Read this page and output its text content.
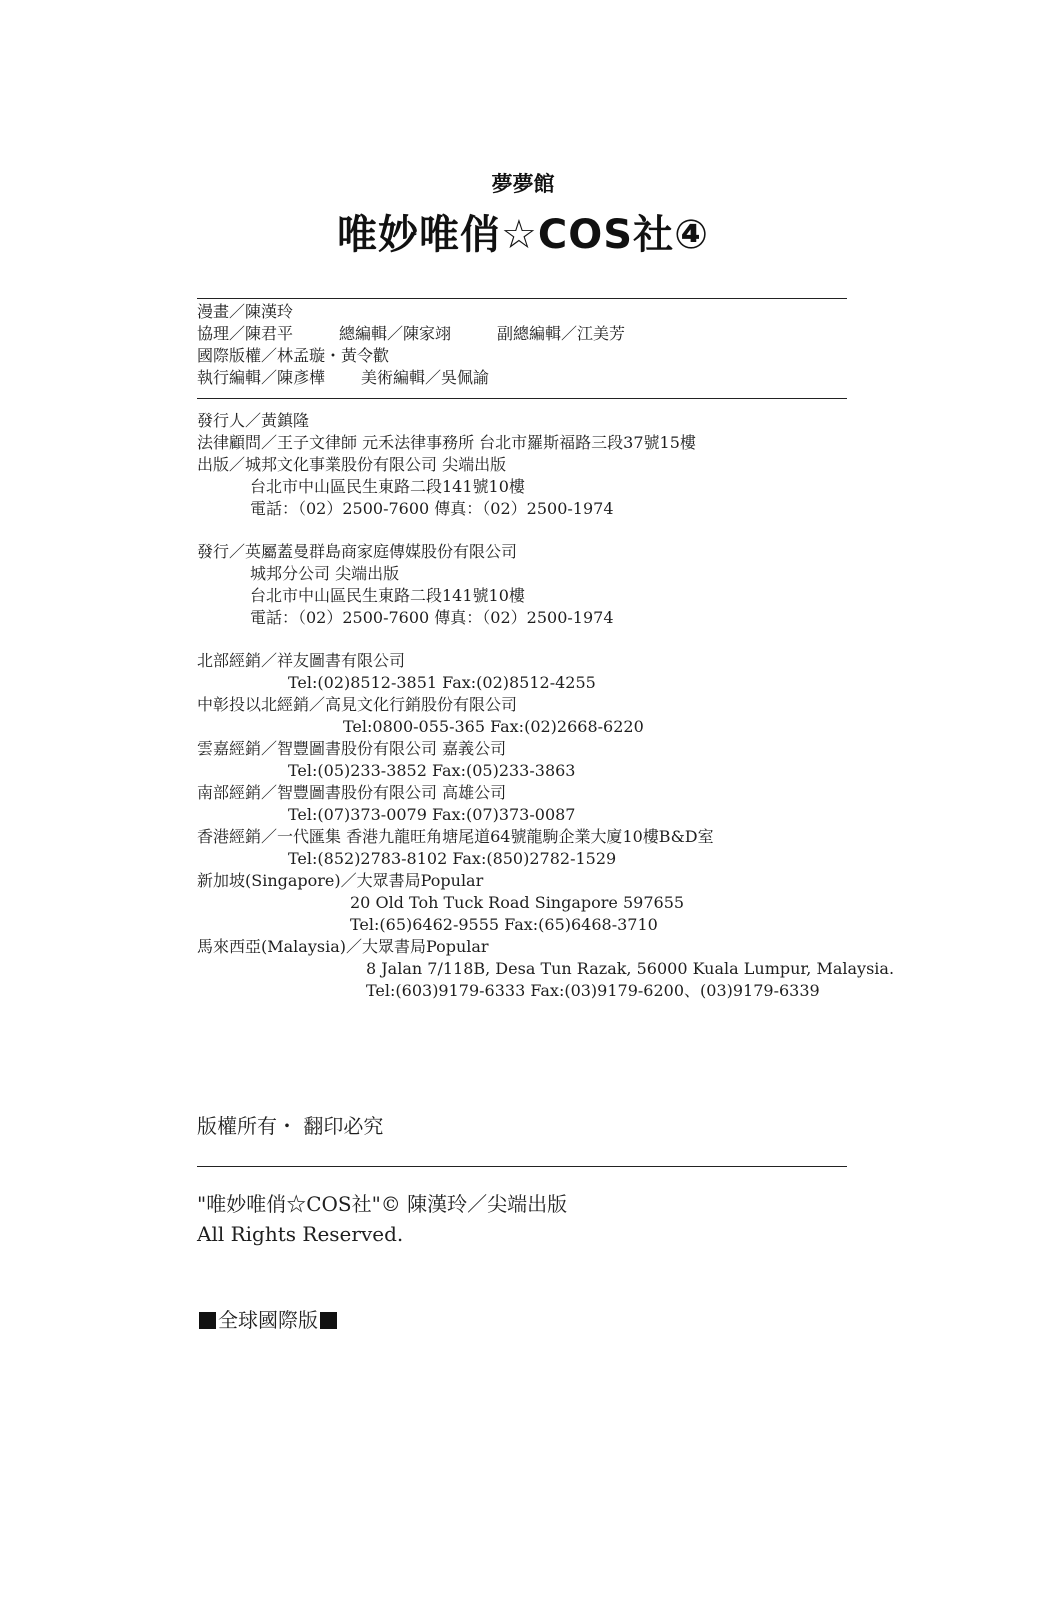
夢夢館
唯妙唯俏☆COS社④
漫畫／陳漢玲
協理／陳君平	總編輯／陳家翊	副總編輯／江美芳
國際版權／林孟璇・黃令歡
執行編輯／陳彥樺 美術編輯／吳佩諭
發行人／黃鎮隆
法律顧問／王子文律師 元禾法律事務所 台北市羅斯福路三段37號15樓
出版／城邦文化事業股份有限公司 尖端出版
台北市中山區民生東路二段141號10樓
電話：（02）2500-7600 傳真：（02）2500-1974
發行／英屬蓋曼群島商家庭傳媒股份有限公司
城邦分公司 尖端出版
台北市中山區民生東路二段141號10樓
電話：（02）2500-7600 傳真：（02）2500-1974
北部經銷／祥友圖書有限公司
Tel:(02)8512-3851 Fax:(02)8512-4255
中彰投以北經銷／高見文化行銷股份有限公司
Tel:0800-055-365 Fax:(02)2668-6220
雲嘉經銷／智豐圖書股份有限公司 嘉義公司
Tel:(05)233-3852 Fax:(05)233-3863
南部經銷／智豐圖書股份有限公司 高雄公司
Tel:(07)373-0079 Fax:(07)373-0087
香港經銷／一代匯集 香港九龍旺角塘尾道64號龍駒企業大廈10樓B&D室
Tel:(852)2783-8102 Fax:(850)2782-1529
新加坡(Singapore)／大眾書局Popular
20 Old Toh Tuck Road Singapore 597655
Tel:(65)6462-9555 Fax:(65)6468-3710
馬來西亞(Malaysia)／大眾書局Popular
8 Jalan 7/118B, Desa Tun Razak, 56000 Kuala Lumpur, Malaysia.
Tel:(603)9179-6333 Fax:(03)9179-6200、(03)9179-6339
版權所有・ 翻印必究
"唯妙唯俏☆COS社"© 陳漢玲／尖端出版
All Rights Reserved.
全球國際版
